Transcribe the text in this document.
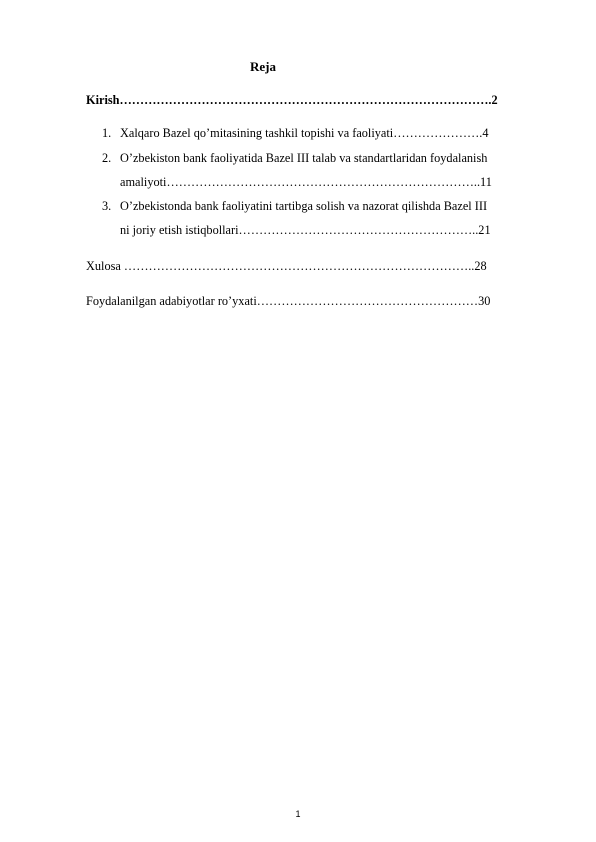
Reja
Kirish……………………………………………………………………………….2
1. Xalqaro Bazel qo’mitasining tashkil topishi va faoliyati………………….4
2. O’zbekiston bank faoliyatida Bazel III talab va standartlaridan foydalanish
amaliyoti…………………………………………………………………..11
3. O’zbekistonda bank faoliyatini tartibga solish va nazorat qilishda Bazel III
ni joriy etish istiqbollari…………………………………………………..21
Xulosa …………………………………………………………………………..28
Foydalanilgan adabiyotlar ro’yxati………………………………………………30
1
